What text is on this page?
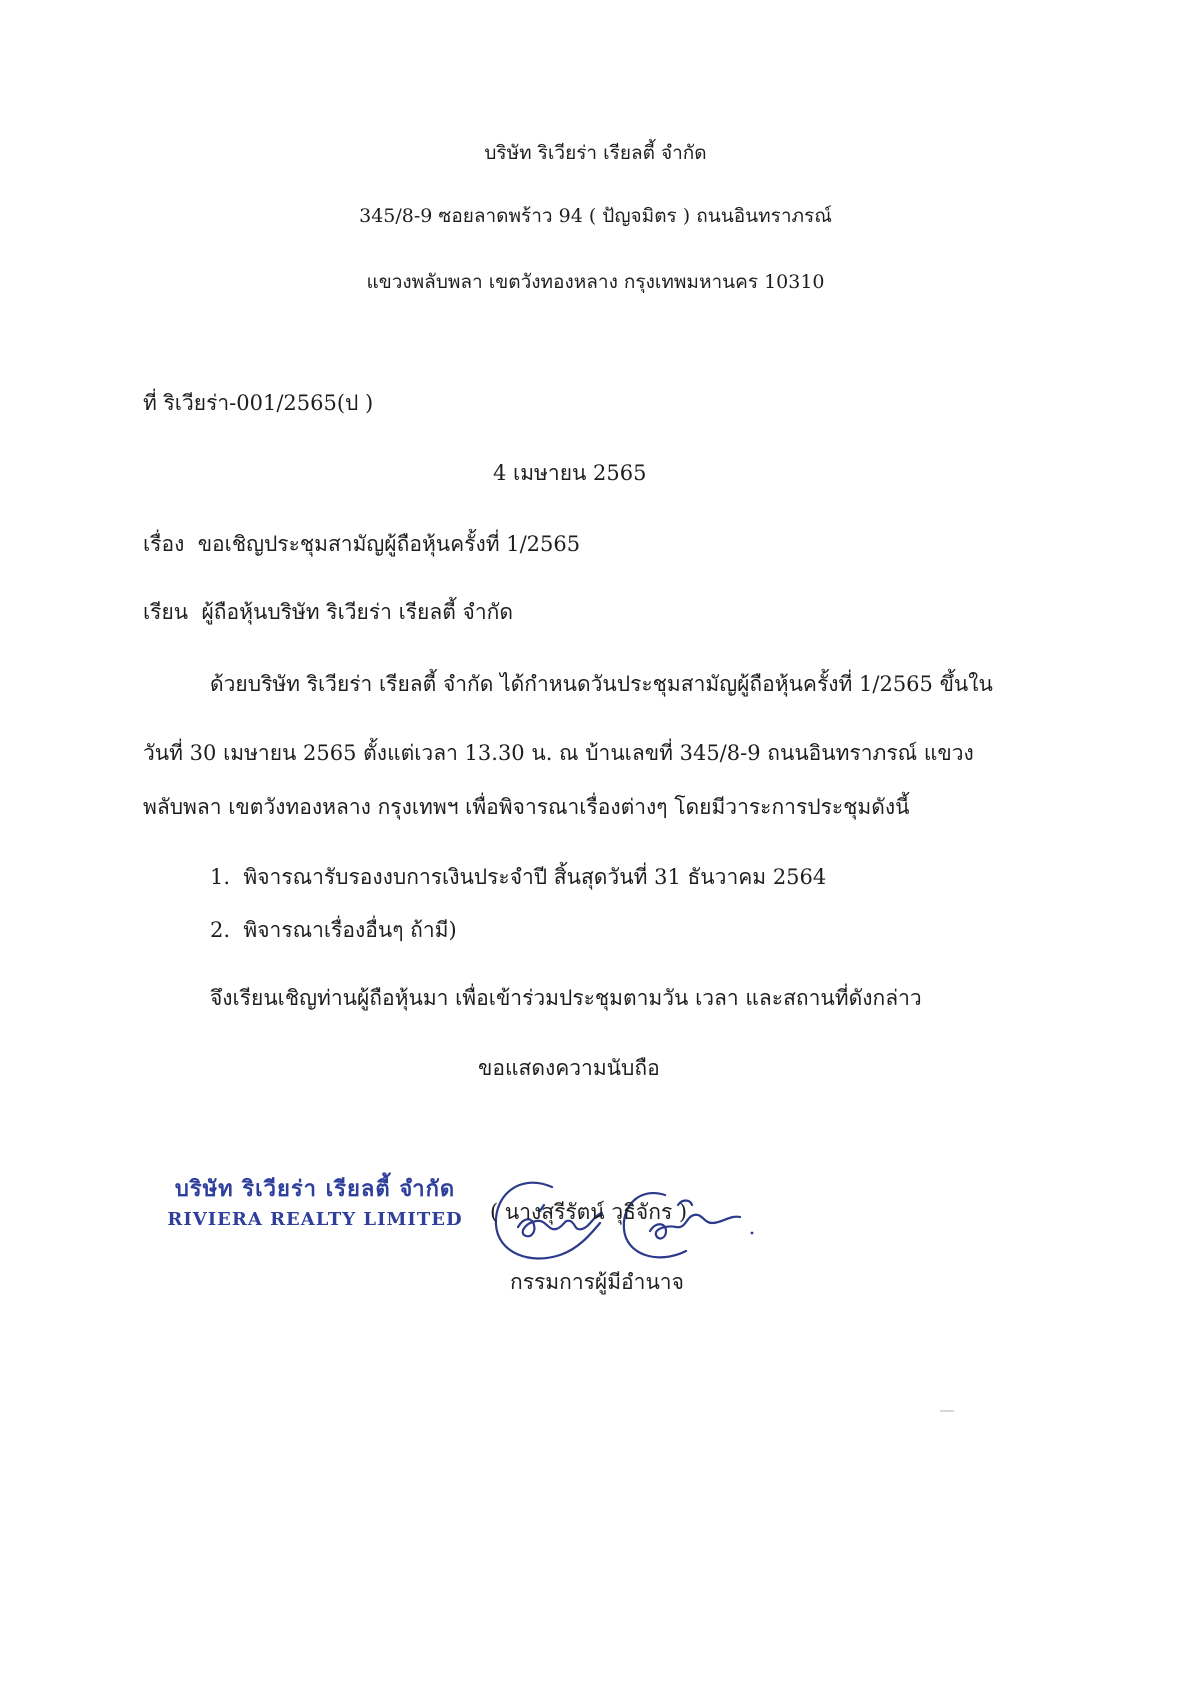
บริษัท ริเวียร่า เรียลตี้ จำกัด
345/8-9 ซอยลาดพร้าว 94 ( ปัญจมิตร ) ถนนอินทราภรณ์
แขวงพลับพลา เขตวังทองหลาง กรุงเทพมหานคร 10310
ที่ ริเวียร่า-001/2565(ป )
4 เมษายน 2565
เรื่อง ขอเชิญประชุมสามัญผู้ถือหุ้นครั้งที่ 1/2565
เรียน ผู้ถือหุ้นบริษัท ริเวียร่า เรียลตี้ จำกัด
ด้วยบริษัท ริเวียร่า เรียลตี้ จำกัด ได้กำหนดวันประชุมสามัญผู้ถือหุ้นครั้งที่ 1/2565 ขึ้นใน
วันที่ 30 เมษายน 2565 ตั้งแต่เวลา 13.30 น. ณ บ้านเลขที่ 345/8-9 ถนนอินทราภรณ์ แขวง
พลับพลา เขตวังทองหลาง กรุงเทพฯ เพื่อพิจารณาเรื่องต่างๆ โดยมีวาระการประชุมดังนี้
1. พิจารณารับรองงบการเงินประจำปี สิ้นสุดวันที่ 31 ธันวาคม 2564
2. พิจารณาเรื่องอื่นๆ ถ้ามี)
จึงเรียนเชิญท่านผู้ถือหุ้นมา เพื่อเข้าร่วมประชุมตามวัน เวลา และสถานที่ดังกล่าว
ขอแสดงความนับถือ
บริษัท ริเวียร่า เรียลตี้ จำกัด
RIVIERA REALTY LIMITED	( นางสุรีรัตน์ วุธิจักร )
กรรมการผู้มีอำนาจ
